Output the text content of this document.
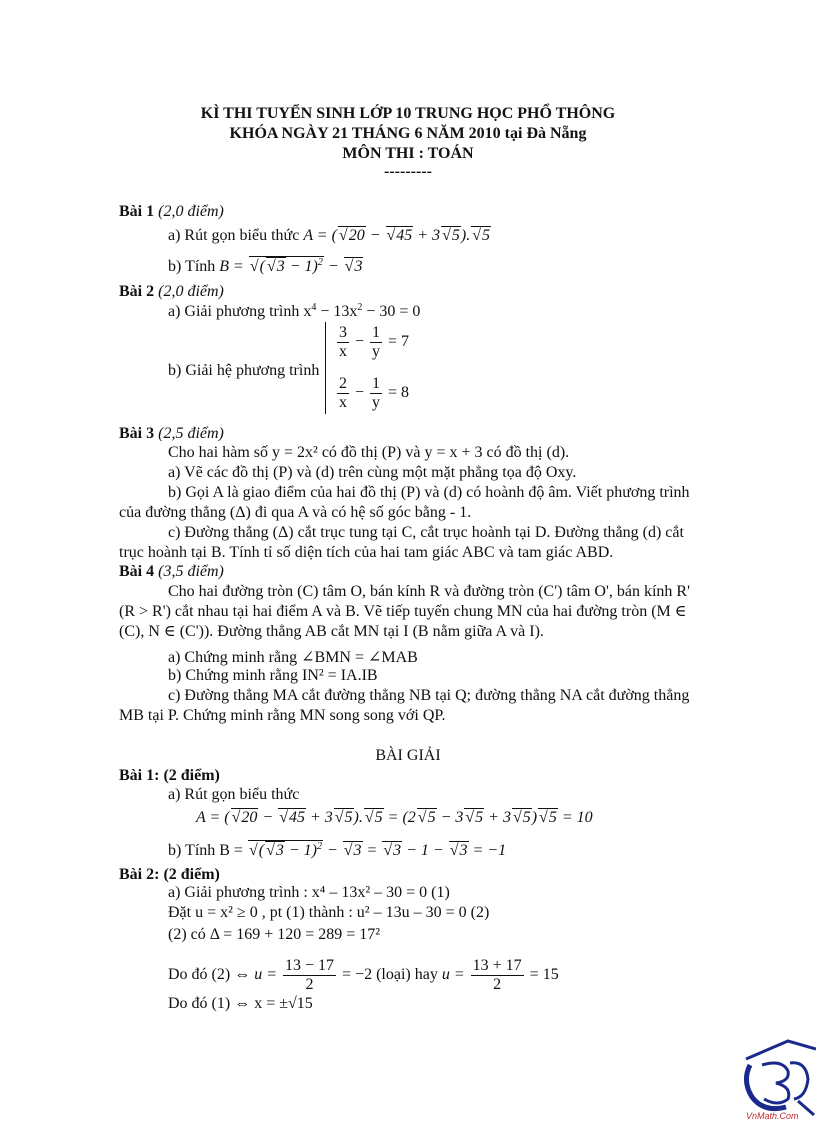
KÌ THI TUYỂN SINH LỚP 10 TRUNG HỌC PHỔ THÔNG
KHÓA NGÀY 21 THÁNG 6 NĂM 2010 tại Đà Nẵng
MÔN THI : TOÁN
---------
Bài 1 (2,0 điểm)
a) Rút gọn biểu thức A = ( √ 20 − √ 45 + 3 √ 5). √ 5
b) Tính B = √ ( √ 3 − 1)$^2$ − √ 3
Bài 2 (2,0 điểm)
a) Giải phương trình $x^4 - 13x^2 - 30 = 0$
b) Giải hệ phương trình
$\frac{3}{x} - \frac{1}{y} = 7$
$\frac{2}{x} - \frac{1}{y} = 8$
Bài 3 (2,5 điểm)
Cho hai hàm số y = 2x² có đồ thị (P) và y = x + 3 có đồ thị (d).
a) Vẽ các đồ thị (P) và (d) trên cùng một mặt phẳng tọa độ Oxy.
b) Gọi A là giao điểm của hai đồ thị (P) và (d) có hoành độ âm. Viết phương trình
của đường thẳng (Δ) đi qua A và có hệ số góc bằng - 1.
c) Đường thẳng (Δ) cắt trục tung tại C, cắt trục hoành tại D. Đường thẳng (d) cắt
trục hoành tại B. Tính tỉ số diện tích của hai tam giác ABC và tam giác ABD.
Bài 4 (3,5 điểm)
Cho hai đường tròn (C) tâm O, bán kính R và đường tròn (C') tâm O', bán kính R'
(R > R') cắt nhau tại hai điểm A và B. Vẽ tiếp tuyến chung MN của hai đường tròn (M ∈
(C), N ∈ (C')). Đường thẳng AB cắt MN tại I (B nằm giữa A và I).
a) Chứng minh rằng ∠BMN = ∠MAB
b) Chứng minh rằng IN² = IA.IB
c) Đường thẳng MA cắt đường thẳng NB tại Q; đường thẳng NA cắt đường thẳng
MB tại P. Chứng minh rằng MN song song với QP.
BÀI GIẢI
Bài 1: (2 điểm)
a) Rút gọn biểu thức
A = ( √ 20 − √ 45 + 3 √ 5). √ 5 = (2 √ 5 − 3 √ 5 + 3 √ 5) √ 5 = 10
b) Tính B = √ ( √ 3 − 1)$^2$ − √ 3 = √ 3 − 1 − √ 3 = −1
Bài 2: (2 điểm)
a) Giải phương trình : x⁴ – 13x² – 30 = 0 (1)
Đặt u = x² ≥ 0 , pt (1) thành : u² – 13u – 30 = 0 (2)
(2) có Δ = 169 + 120 = 289 = 17²
Do đó (2) ⇔ $u = \frac{13 - 17}{2} = -2$ (loại) hay $u = \frac{13 + 17}{2} = 15$
Do đó (1) ⇔ x = ±√15
VnMath.Com
